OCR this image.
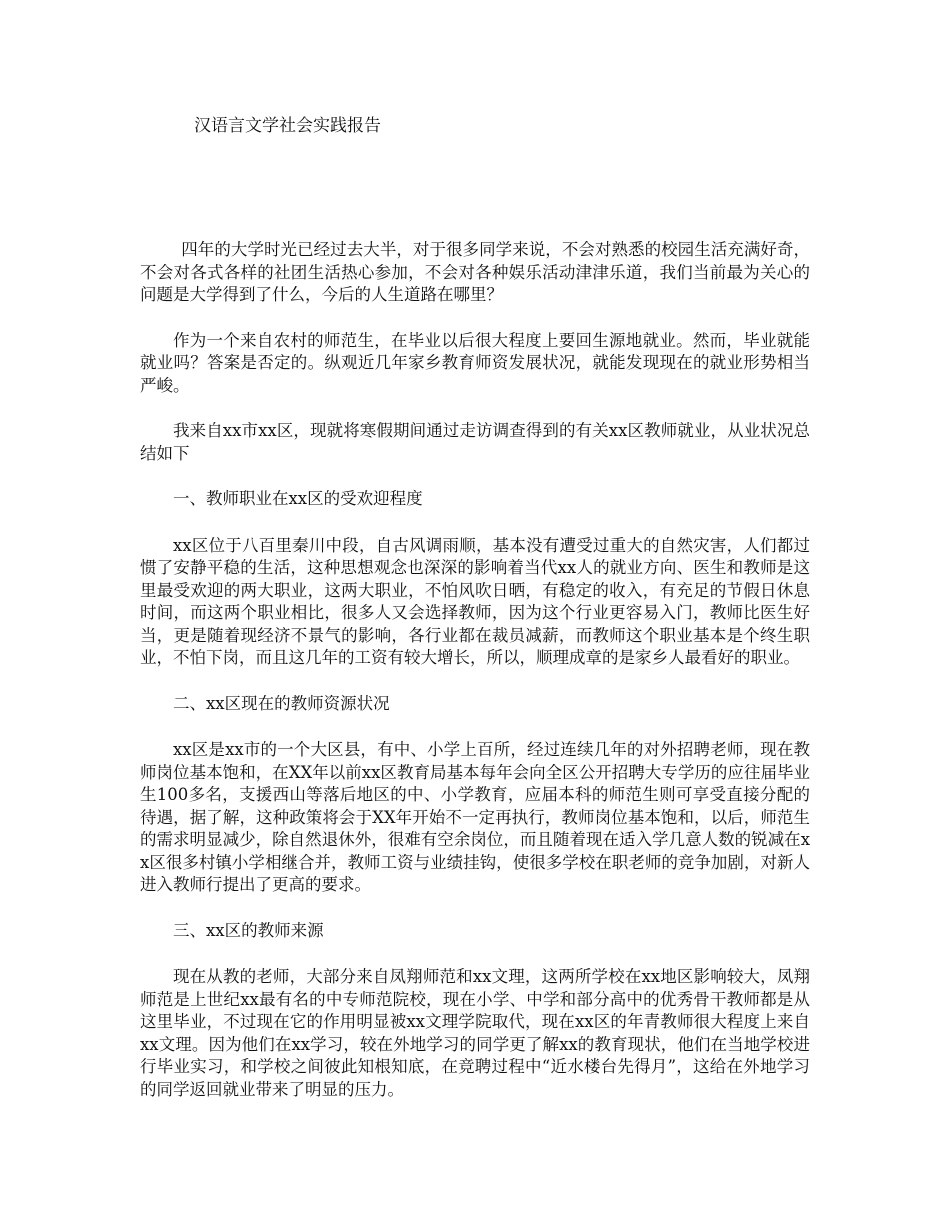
汉语言文学社会实践报告

四年的大学时光已经过去大半，对于很多同学来说，不会对熟悉的校园生活充满好奇，不会对各式各样的社团生活热心参加，不会对各种娱乐活动津津乐道，我们当前最为关心的问题是大学得到了什么，今后的人生道路在哪里？

作为一个来自农村的师范生，在毕业以后很大程度上要回生源地就业。然而，毕业就能就业吗？答案是否定的。纵观近几年家乡教育师资发展状况，就能发现现在的就业形势相当严峻。

我来自xx市xx区，现就将寒假期间通过走访调查得到的有关xx区教师就业，从业状况总结如下

一、教师职业在xx区的受欢迎程度

xx区位于八百里秦川中段，自古风调雨顺，基本没有遭受过重大的自然灾害，人们都过惯了安静平稳的生活，这种思想观念也深深的影响着当代xx人的就业方向、医生和教师是这里最受欢迎的两大职业，这两大职业，不怕风吹日晒，有稳定的收入，有充足的节假日休息时间，而这两个职业相比，很多人又会选择教师，因为这个行业更容易入门，教师比医生好当，更是随着现经济不景气的影响，各行业都在裁员减薪，而教师这个职业基本是个终生职业，不怕下岗，而且这几年的工资有较大增长，所以，顺理成章的是家乡人最看好的职业。

二、xx区现在的教师资源状况

xx区是xx市的一个大区县，有中、小学上百所，经过连续几年的对外招聘老师，现在教师岗位基本饱和，在XX年以前xx区教育局基本每年会向全区公开招聘大专学历的应往届毕业生100多名，支援西山等落后地区的中、小学教育，应届本科的师范生则可享受直接分配的待遇，据了解，这种政策将会于XX年开始不一定再执行，教师岗位基本饱和，以后，师范生的需求明显减少，除自然退休外，很难有空余岗位，而且随着现在适入学几意人数的锐减在xx区很多村镇小学相继合并，教师工资与业绩挂钩，使很多学校在职老师的竞争加剧，对新人进入教师行提出了更高的要求。

三、xx区的教师来源

现在从教的老师，大部分来自凤翔师范和xx文理，这两所学校在xx地区影响较大，凤翔师范是上世纪xx最有名的中专师范院校，现在小学、中学和部分高中的优秀骨干教师都是从这里毕业，不过现在它的作用明显被xx文理学院取代，现在xx区的年青教师很大程度上来自xx文理。因为他们在xx学习，较在外地学习的同学更了解xx的教育现状，他们在当地学校进行毕业实习，和学校之间彼此知根知底，在竞聘过程中“近水楼台先得月”，这给在外地学习的同学返回就业带来了明显的压力。
